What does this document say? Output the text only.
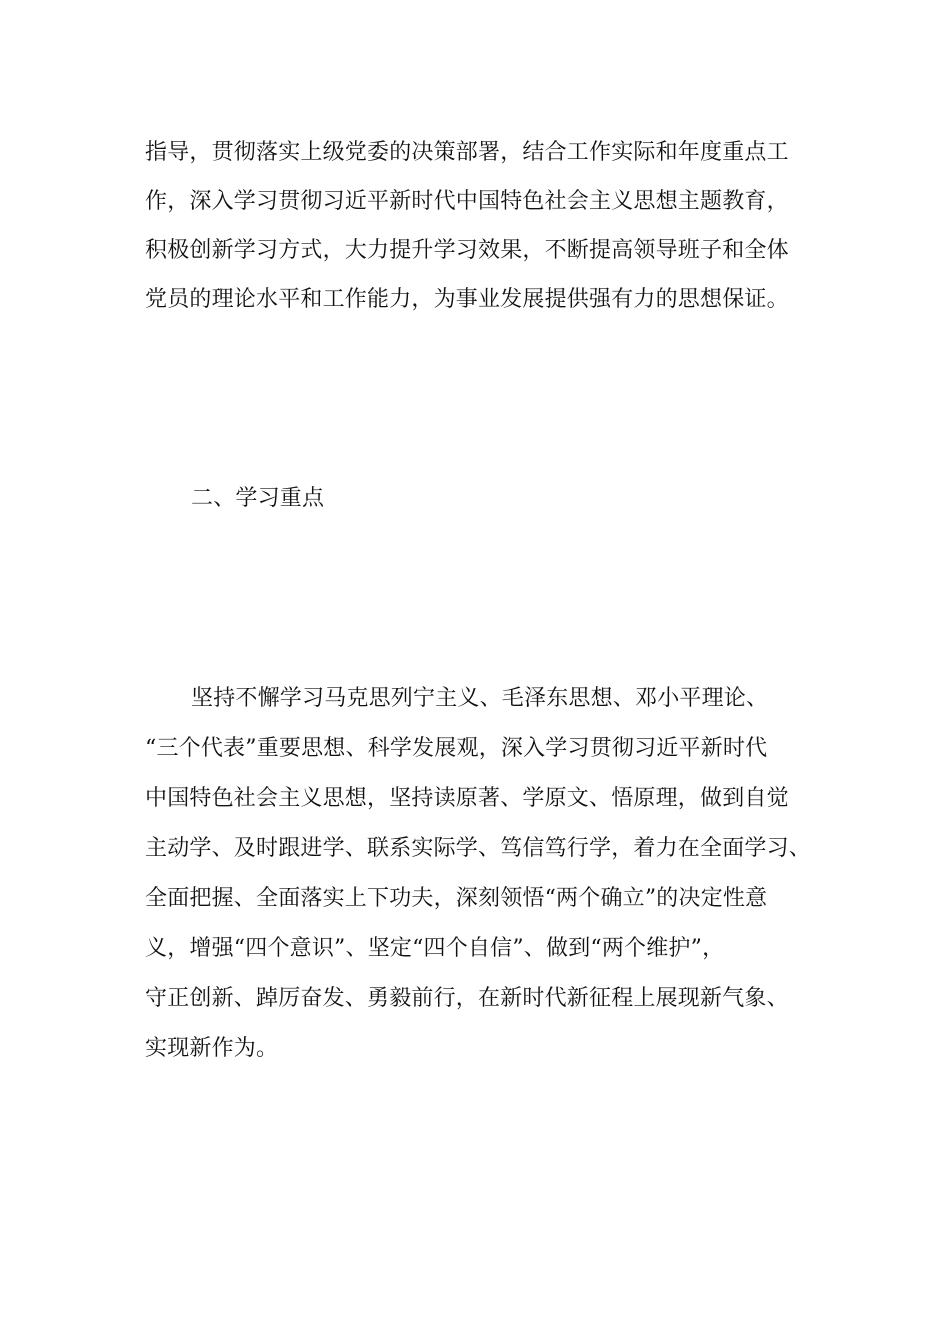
指导，贯彻落实上级党委的决策部署，结合工作实际和年度重点工
作，深入学习贯彻习近平新时代中国特色社会主义思想主题教育，
积极创新学习方式，大力提升学习效果，不断提高领导班子和全体
党员的理论水平和工作能力，为事业发展提供强有力的思想保证。
二、学习重点
坚持不懈学习马克思列宁主义、毛泽东思想、邓小平理论、
“三个代表”重要思想、科学发展观，深入学习贯彻习近平新时代
中国特色社会主义思想，坚持读原著、学原文、悟原理，做到自觉
主动学、及时跟进学、联系实际学、笃信笃行学，着力在全面学习、
全面把握、全面落实上下功夫，深刻领悟“两个确立”的决定性意
义，增强“四个意识”、坚定“四个自信”、做到“两个维护”，
守正创新、踔厉奋发、勇毅前行，在新时代新征程上展现新气象、
实现新作为。
